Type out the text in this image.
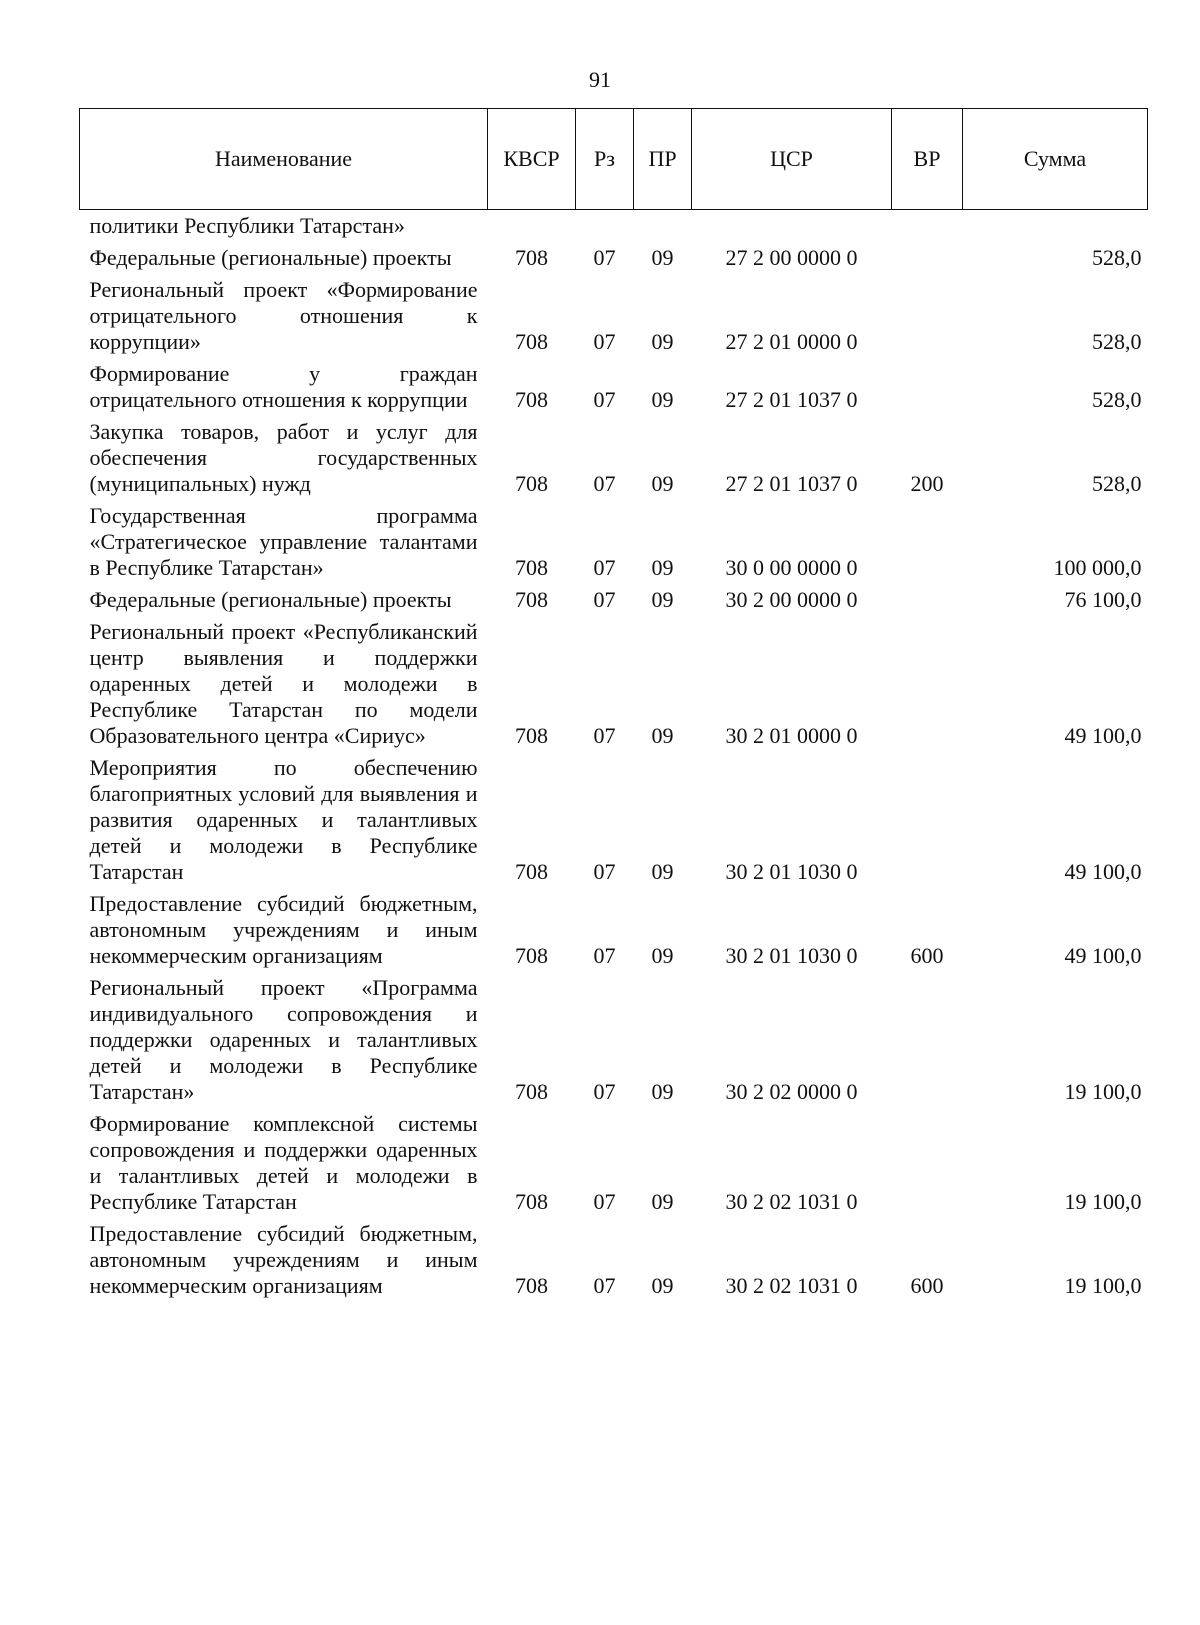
91
Наименование	КВСР	Рз	ПР	ЦСР	ВР	Сумма
политики Республики Татарстан»						
Федеральные (региональные) проекты	708	07	09	27 2 00 0000 0		528,0
Региональный проект «Формирование отрицательного отношения к коррупции»	708	07	09	27 2 01 0000 0		528,0
Формирование у граждан отрицательного отношения к коррупции	708	07	09	27 2 01 1037 0		528,0
Закупка товаров, работ и услуг для обеспечения государственных (муниципальных) нужд	708	07	09	27 2 01 1037 0	200	528,0
Государственная программа «Стратегическое управление талантами в Республике Татарстан»	708	07	09	30 0 00 0000 0		100 000,0
Федеральные (региональные) проекты	708	07	09	30 2 00 0000 0		76 100,0
Региональный проект «Республиканский центр выявления и поддержки одаренных детей и молодежи в Республике Татарстан по модели Образовательного центра «Сириус»	708	07	09	30 2 01 0000 0		49 100,0
Мероприятия по обеспечению благоприятных условий для выявления и развития одаренных и талантливых детей и молодежи в Республике Татарстан	708	07	09	30 2 01 1030 0		49 100,0
Предоставление субсидий бюджетным, автономным учреждениям и иным некоммерческим организациям	708	07	09	30 2 01 1030 0	600	49 100,0
Региональный проект «Программа индивидуального сопровождения и поддержки одаренных и талантливых детей и молодежи в Республике Татарстан»	708	07	09	30 2 02 0000 0		19 100,0
Формирование комплексной системы сопровождения и поддержки одаренных и талантливых детей и молодежи в Республике Татарстан	708	07	09	30 2 02 1031 0		19 100,0
Предоставление субсидий бюджетным, автономным учреждениям и иным некоммерческим организациям	708	07	09	30 2 02 1031 0	600	19 100,0
